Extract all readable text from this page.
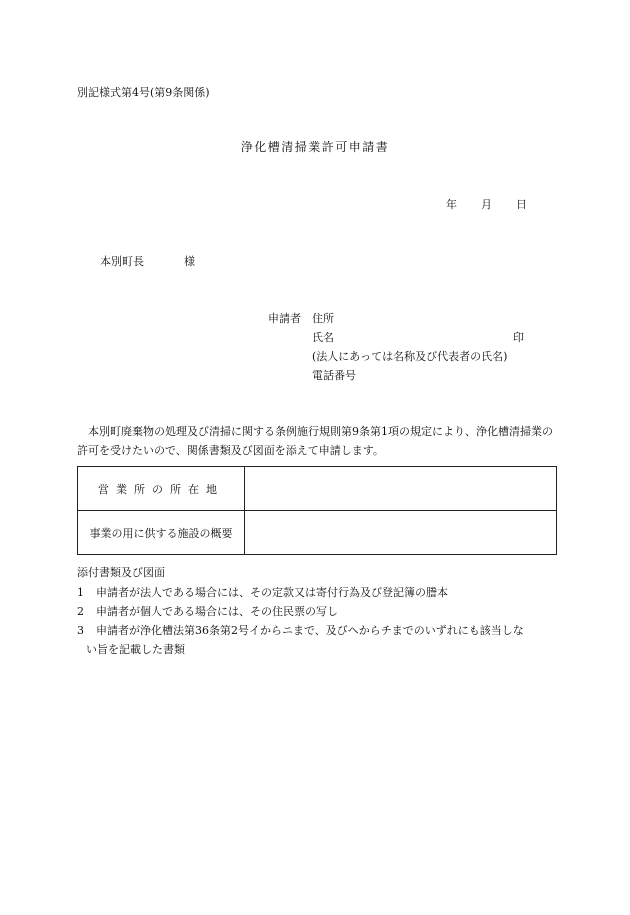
別記様式第4号(第9条関係)
浄化槽清掃業許可申請書
年 月 日
本別町長	様
申請者 住所
氏名	印
(法人にあっては名称及び代表者の氏名)
電話番号
本別町廃棄物の処理及び清掃に関する条例施行規則第9条第1項の規定により、浄化槽清掃業の許可を受けたいので、関係書類及び図面を添えて申請します。
営業所の所在地	
事業の用に供する施設の概要	
添付書類及び図面
1 申請者が法人である場合には、その定款又は寄付行為及び登記簿の謄本
2 申請者が個人である場合には、その住民票の写し
3 申請者が浄化槽法第36条第2号イからニまで、及びヘからチまでのいずれにも該当しな
い旨を記載した書類
